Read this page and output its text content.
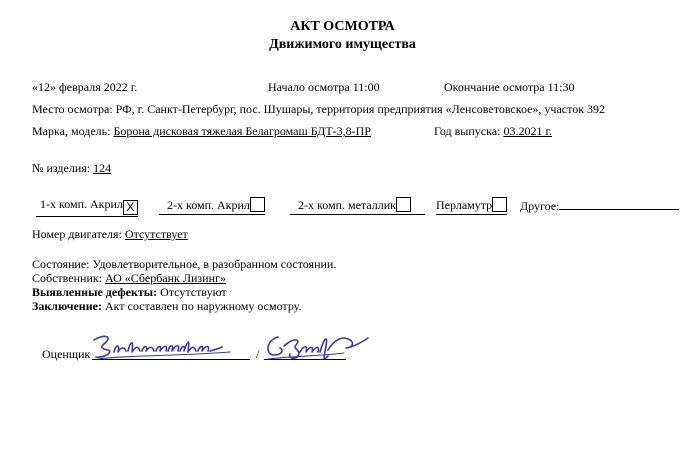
АКТ ОСМОТРА
Движимого имущества
«12» февраля 2022 г.	Начало осмотра 11:00	Окончание осмотра 11:30
Место осмотра: РФ, г. Санкт-Петербург, пос. Шушары, территория предприятия «Ленсоветовское», участок 392
Марка, модель: Борона дисковая тяжелая Белагромаш БДТ-3,8-ПР	Год выпуска: 03.2021 г.
№ изделия: 124
1-х комп. Акрил X	2-х комп. Акрил	2-х комп. металлик	Перламутр	Другое:
Номер двигателя: Отсутствует
Состояние: Удовлетворительное, в разобранном состоянии.
Собственник: АО «Сбербанк Лизинг»
Выявленные дефекты: Отсутствуют
Заключение: Акт составлен по наружному осмотру.
Оценщик	/
